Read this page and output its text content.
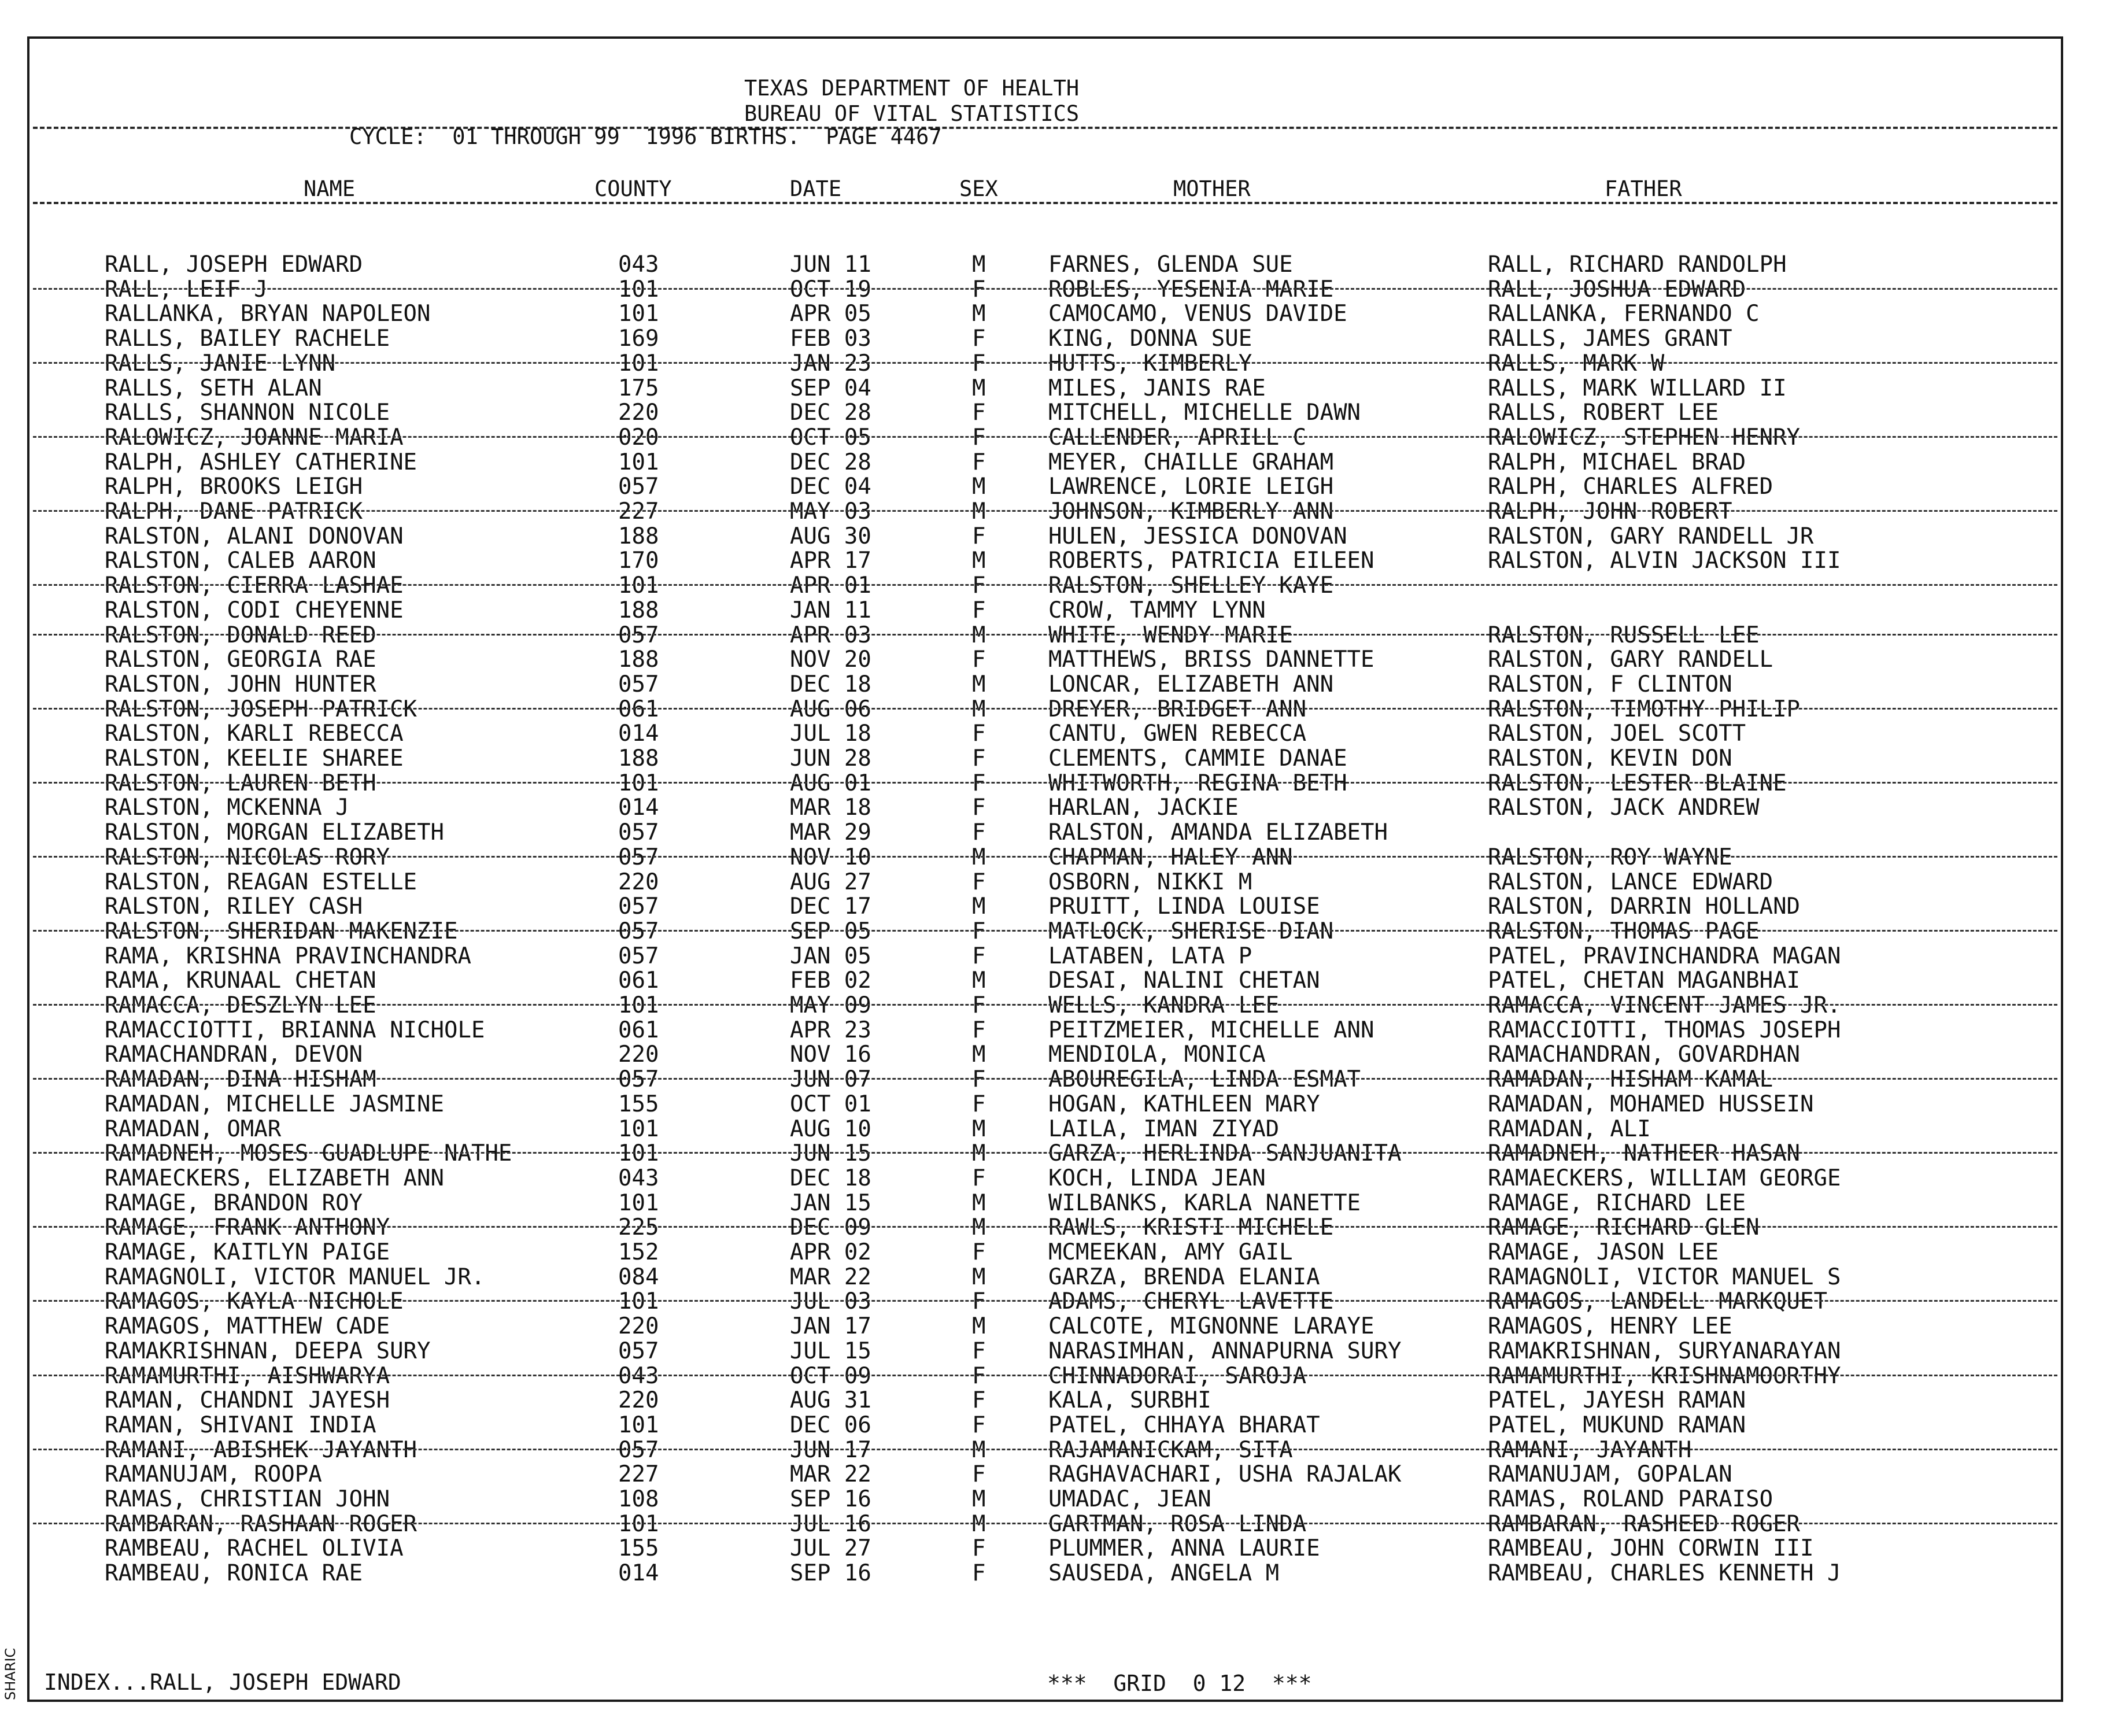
TEXAS DEPARTMENT OF HEALTH
BUREAU OF VITAL STATISTICS
CYCLE:  01 THROUGH 99  1996 BIRTHS.  PAGE 4467
NAME	COUNTY	DATE	SEX	MOTHER	FATHER
RALL, JOSEPH EDWARD	043	JUN 11	M	FARNES, GLENDA SUE	RALL, RICHARD RANDOLPH
RALL, LEIF J	101	OCT 19	F	ROBLES, YESENIA MARIE	RALL, JOSHUA EDWARD
RALLANKA, BRYAN NAPOLEON	101	APR 05	M	CAMOCAMO, VENUS DAVIDE	RALLANKA, FERNANDO C
RALLS, BAILEY RACHELE	169	FEB 03	F	KING, DONNA SUE	RALLS, JAMES GRANT
RALLS, JANIE LYNN	101	JAN 23	F	HUTTS, KIMBERLY	RALLS, MARK W
RALLS, SETH ALAN	175	SEP 04	M	MILES, JANIS RAE	RALLS, MARK WILLARD II
RALLS, SHANNON NICOLE	220	DEC 28	F	MITCHELL, MICHELLE DAWN	RALLS, ROBERT LEE
RALOWICZ, JOANNE MARIA	020	OCT 05	F	CALLENDER, APRILL C	RALOWICZ, STEPHEN HENRY
RALPH, ASHLEY CATHERINE	101	DEC 28	F	MEYER, CHAILLE GRAHAM	RALPH, MICHAEL BRAD
RALPH, BROOKS LEIGH	057	DEC 04	M	LAWRENCE, LORIE LEIGH	RALPH, CHARLES ALFRED
RALPH, DANE PATRICK	227	MAY 03	M	JOHNSON, KIMBERLY ANN	RALPH, JOHN ROBERT
RALSTON, ALANI DONOVAN	188	AUG 30	F	HULEN, JESSICA DONOVAN	RALSTON, GARY RANDELL JR
RALSTON, CALEB AARON	170	APR 17	M	ROBERTS, PATRICIA EILEEN	RALSTON, ALVIN JACKSON III
RALSTON, CIERRA LASHAE	101	APR 01	F	RALSTON, SHELLEY KAYE
RALSTON, CODI CHEYENNE	188	JAN 11	F	CROW, TAMMY LYNN
RALSTON, DONALD REED	057	APR 03	M	WHITE, WENDY MARIE	RALSTON, RUSSELL LEE
RALSTON, GEORGIA RAE	188	NOV 20	F	MATTHEWS, BRISS DANNETTE	RALSTON, GARY RANDELL
RALSTON, JOHN HUNTER	057	DEC 18	M	LONCAR, ELIZABETH ANN	RALSTON, F CLINTON
RALSTON, JOSEPH PATRICK	061	AUG 06	M	DREYER, BRIDGET ANN	RALSTON, TIMOTHY PHILIP
RALSTON, KARLI REBECCA	014	JUL 18	F	CANTU, GWEN REBECCA	RALSTON, JOEL SCOTT
RALSTON, KEELIE SHAREE	188	JUN 28	F	CLEMENTS, CAMMIE DANAE	RALSTON, KEVIN DON
RALSTON, LAUREN BETH	101	AUG 01	F	WHITWORTH, REGINA BETH	RALSTON, LESTER BLAINE
RALSTON, MCKENNA J	014	MAR 18	F	HARLAN, JACKIE	RALSTON, JACK ANDREW
RALSTON, MORGAN ELIZABETH	057	MAR 29	F	RALSTON, AMANDA ELIZABETH
RALSTON, NICOLAS RORY	057	NOV 10	M	CHAPMAN, HALEY ANN	RALSTON, ROY WAYNE
RALSTON, REAGAN ESTELLE	220	AUG 27	F	OSBORN, NIKKI M	RALSTON, LANCE EDWARD
RALSTON, RILEY CASH	057	DEC 17	M	PRUITT, LINDA LOUISE	RALSTON, DARRIN HOLLAND
RALSTON, SHERIDAN MAKENZIE	057	SEP 05	F	MATLOCK, SHERISE DIAN	RALSTON, THOMAS PAGE
RAMA, KRISHNA PRAVINCHANDRA	057	JAN 05	F	LATABEN, LATA P	PATEL, PRAVINCHANDRA MAGAN
RAMA, KRUNAAL CHETAN	061	FEB 02	M	DESAI, NALINI CHETAN	PATEL, CHETAN MAGANBHAI
RAMACCA, DESZLYN LEE	101	MAY 09	F	WELLS, KANDRA LEE	RAMACCA, VINCENT JAMES JR.
RAMACCIOTTI, BRIANNA NICHOLE	061	APR 23	F	PEITZMEIER, MICHELLE ANN	RAMACCIOTTI, THOMAS JOSEPH
RAMACHANDRAN, DEVON	220	NOV 16	M	MENDIOLA, MONICA	RAMACHANDRAN, GOVARDHAN
RAMADAN, DINA HISHAM	057	JUN 07	F	ABOUREGILA, LINDA ESMAT	RAMADAN, HISHAM KAMAL
RAMADAN, MICHELLE JASMINE	155	OCT 01	F	HOGAN, KATHLEEN MARY	RAMADAN, MOHAMED HUSSEIN
RAMADAN, OMAR	101	AUG 10	M	LAILA, IMAN ZIYAD	RAMADAN, ALI
RAMADNEH, MOSES GUADLUPE NATHE	101	JUN 15	M	GARZA, HERLINDA SANJUANITA	RAMADNEH, NATHEER HASAN
RAMAECKERS, ELIZABETH ANN	043	DEC 18	F	KOCH, LINDA JEAN	RAMAECKERS, WILLIAM GEORGE
RAMAGE, BRANDON ROY	101	JAN 15	M	WILBANKS, KARLA NANETTE	RAMAGE, RICHARD LEE
RAMAGE, FRANK ANTHONY	225	DEC 09	M	RAWLS, KRISTI MICHELE	RAMAGE, RICHARD GLEN
RAMAGE, KAITLYN PAIGE	152	APR 02	F	MCMEEKAN, AMY GAIL	RAMAGE, JASON LEE
RAMAGNOLI, VICTOR MANUEL JR.	084	MAR 22	M	GARZA, BRENDA ELANIA	RAMAGNOLI, VICTOR MANUEL S
RAMAGOS, KAYLA NICHOLE	101	JUL 03	F	ADAMS, CHERYL LAVETTE	RAMAGOS, LANDELL MARKQUET
RAMAGOS, MATTHEW CADE	220	JAN 17	M	CALCOTE, MIGNONNE LARAYE	RAMAGOS, HENRY LEE
RAMAKRISHNAN, DEEPA SURY	057	JUL 15	F	NARASIMHAN, ANNAPURNA SURY	RAMAKRISHNAN, SURYANARAYAN
RAMAMURTHI, AISHWARYA	043	OCT 09	F	CHINNADORAI, SAROJA	RAMAMURTHI, KRISHNAMOORTHY
RAMAN, CHANDNI JAYESH	220	AUG 31	F	KALA, SURBHI	PATEL, JAYESH RAMAN
RAMAN, SHIVANI INDIA	101	DEC 06	F	PATEL, CHHAYA BHARAT	PATEL, MUKUND RAMAN
RAMANI, ABISHEK JAYANTH	057	JUN 17	M	RAJAMANICKAM, SITA	RAMANI, JAYANTH
RAMANUJAM, ROOPA	227	MAR 22	F	RAGHAVACHARI, USHA RAJALAK	RAMANUJAM, GOPALAN
RAMAS, CHRISTIAN JOHN	108	SEP 16	M	UMADAC, JEAN	RAMAS, ROLAND PARAISO
RAMBARAN, RASHAAN ROGER	101	JUL 16	M	GARTMAN, ROSA LINDA	RAMBARAN, RASHEED ROGER
RAMBEAU, RACHEL OLIVIA	155	JUL 27	F	PLUMMER, ANNA LAURIE	RAMBEAU, JOHN CORWIN III
RAMBEAU, RONICA RAE	014	SEP 16	F	SAUSEDA, ANGELA M	RAMBEAU, CHARLES KENNETH J
INDEX...RALL, JOSEPH EDWARD	***  GRID  0 12  ***
SHARIC
